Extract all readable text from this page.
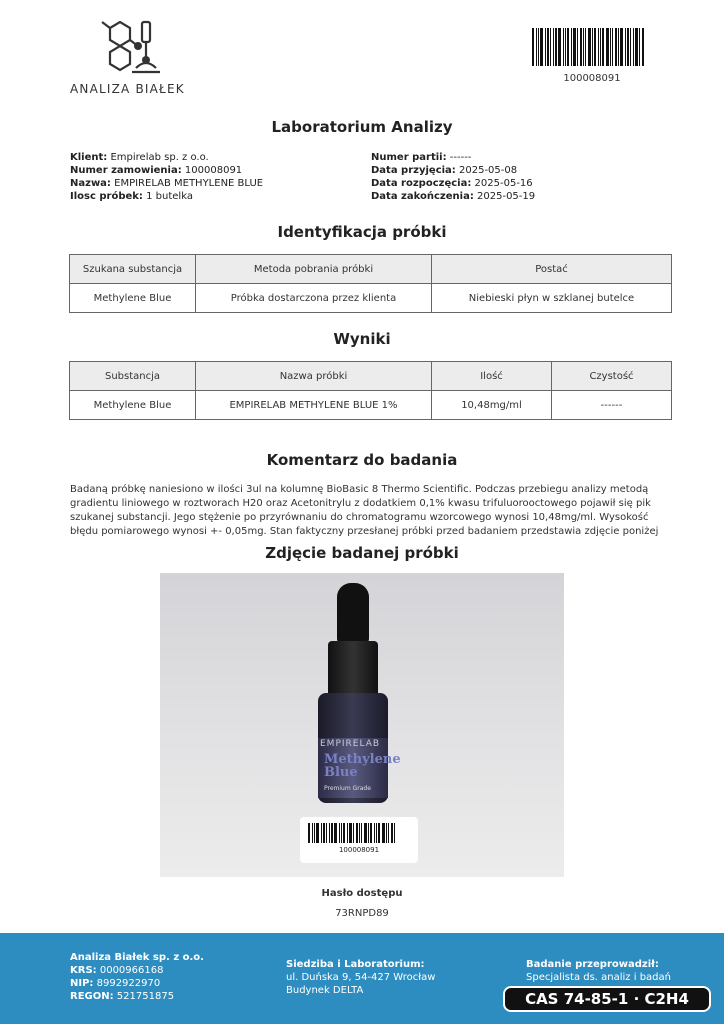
ANALIZA BIAŁEK
100008091
Laboratorium Analizy
Klient: Empirelab sp. z o.o.
Numer zamowienia: 100008091
Nazwa: EMPIRELAB METHYLENE BLUE
Ilosc próbek: 1 butelka
Numer partii: ------
Data przyjęcia: 2025-05-08
Data rozpoczęcia: 2025-05-16
Data zakończenia: 2025-05-19
Identyfikacja próbki
Szukana substancja	Metoda pobrania próbki	Postać
Methylene Blue	Próbka dostarczona przez klienta	Niebieski płyn w szklanej butelce
Wyniki
Substancja	Nazwa próbki	Ilość	Czystość
Methylene Blue	EMPIRELAB METHYLENE BLUE 1%	10,48mg/ml	------
Komentarz do badania
Badaną próbkę naniesiono w ilości 3ul na kolumnę BioBasic 8 Thermo Scientific. Podczas przebiegu analizy metodą
gradientu liniowego w roztworach H20 oraz Acetonitrylu z dodatkiem 0,1% kwasu trifuluorooctowego pojawił się pik
szukanej substancji. Jego stężenie po przyrównaniu do chromatogramu wzorcowego wynosi 10,48mg/ml. Wysokość
błędu pomiarowego wynosi +- 0,05mg. Stan faktyczny przesłanej próbki przed badaniem przedstawia zdjęcie poniżej
Zdjęcie badanej próbki
EMPIRELAB
Methylene
Blue
Premium Grade
100008091
Hasło dostępu
73RNPD89
Analiza Białek sp. z o.o.
KRS: 0000966168
NIP: 8992922970
REGON: 521751875
Siedziba i Laboratorium:
ul. Duńska 9, 54-427 Wrocław
Budynek DELTA
Badanie przeprowadził:
Specjalista ds. analiz i badań
CAS 74-85-1 · C2H4
